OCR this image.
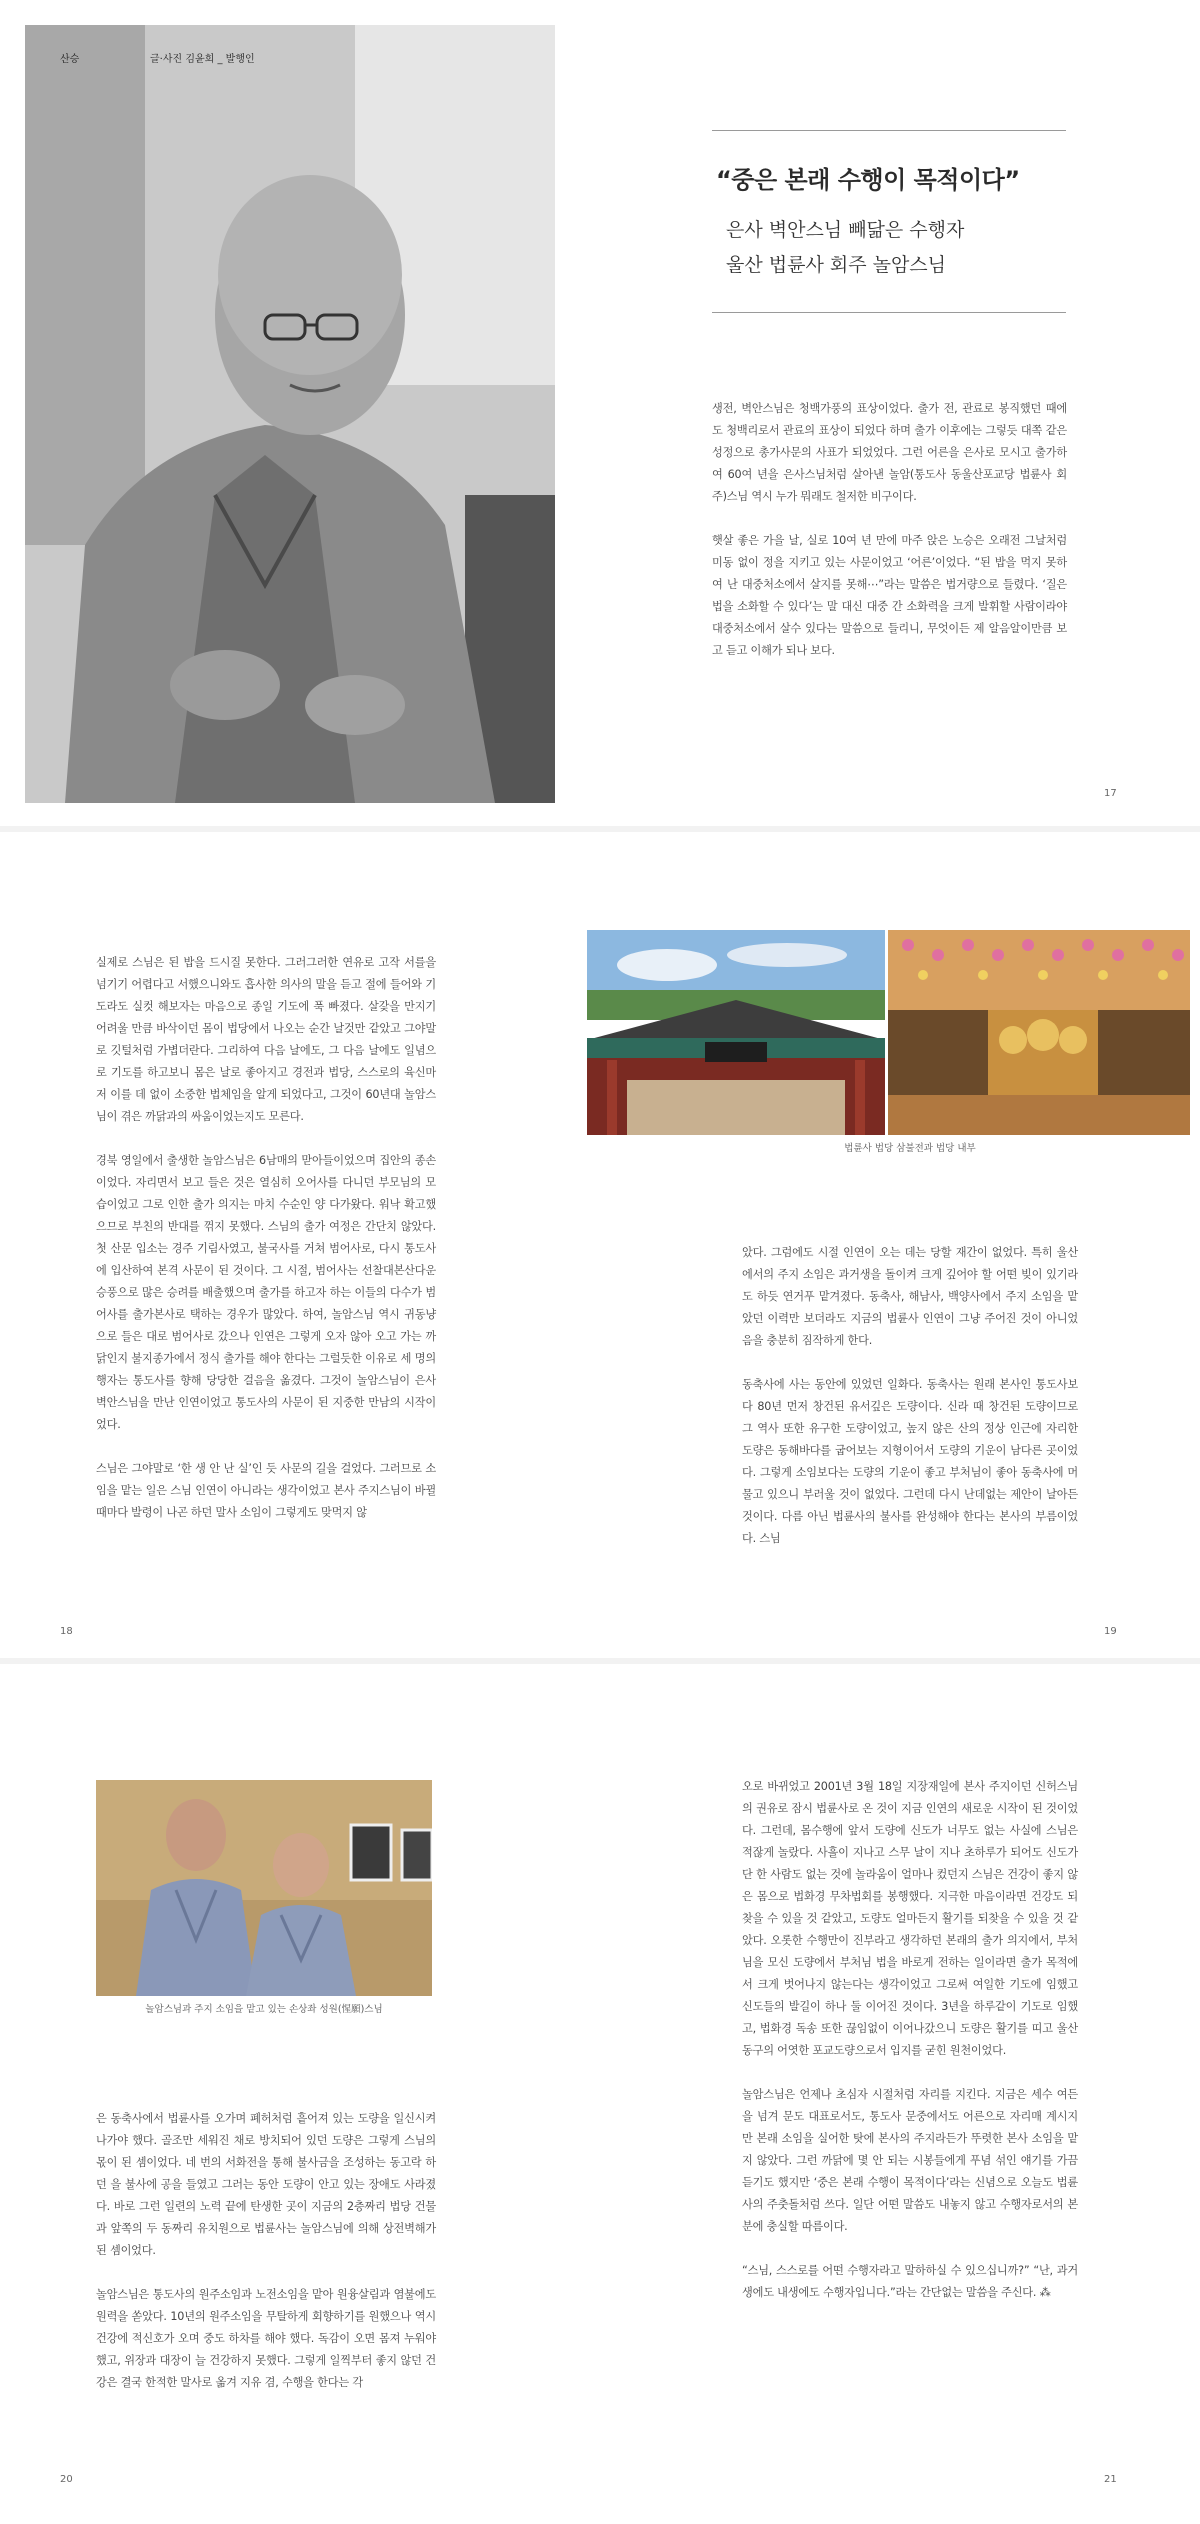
산승	글·사진 김윤희 _ 발행인
“중은 본래 수행이 목적이다”
은사 벽안스님 빼닮은 수행자
울산 법륜사 회주 놀암스님

생전, 벽안스님은 청백가풍의 표상이었다. 출가 전, 관료로 봉직했던 때에도 청백리로서 관료의 표상이 되었다 하며 출가 이후에는 그렇듯 대쪽 같은 성정으로 총가사문의 사표가 되었었다. 그런 어른을 은사로 모시고 출가하여 60여 년을 은사스님처럼 살아낸 놀암(통도사 동울산포교당 법륜사 회주)스님 역시 누가 뭐래도 철저한 비구이다.

햇살 좋은 가을 날, 실로 10여 년 만에 마주 앉은 노승은 오래전 그날처럼 미동 없이 정을 지키고 있는 사문이었고 ‘어른’이었다. “된 밥을 먹지 못하여 난 대중처소에서 살지를 못해⋯”라는 말씀은 법거량으로 들렸다. ‘질은 법을 소화할 수 있다’는 말 대신 대중 간 소화력을 크게 발휘할 사람이라야 대중처소에서 살수 있다는 말씀으로 들리니, 무엇이든 제 알음알이만큼 보고 듣고 이해가 되나 보다.

17

실제로 스님은 된 밥을 드시질 못한다. 그러그러한 연유로 고작 서를을 넘기기 어렵다고 서했으니와도 흡사한 의사의 말을 듣고 절에 들어와 기도라도 실컷 해보자는 마음으로 종일 기도에 푹 빠졌다. 살갗을 만지기 어려울 만큼 바삭이던 몸이 법당에서 나오는 순간 날것만 같았고 그야말로 깃털처럼 가볍더란다. 그리하여 다음 날에도, 그 다음 날에도 일념으로 기도를 하고보니 몸은 날로 좋아지고 경전과 법당, 스스로의 육신마저 이를 데 없이 소중한 법체임을 알게 되었다고, 그것이 60년대 놀암스님이 겪은 까닭과의 싸움이었는지도 모른다.

경북 영일에서 출생한 놀암스님은 6남매의 맏아들이었으며 집안의 종손이었다. 자리면서 보고 들은 것은 열심히 오어사를 다니던 부모님의 모습이었고 그로 인한 출가 의지는 마치 수순인 양 다가왔다. 워낙 확고했으므로 부친의 반대를 꺾지 못했다. 스님의 출가 여정은 간단치 않았다. 첫 산문 입소는 경주 기림사였고, 불국사를 거쳐 범어사로, 다시 통도사에 입산하여 본격 사문이 된 것이다. 그 시절, 범어사는 선찰대본산다운 승풍으로 많은 승려를 배출했으며 출가를 하고자 하는 이들의 다수가 범어사를 출가본사로 택하는 경우가 많았다. 하여, 놀암스님 역시 귀동냥으로 들은 대로 범어사로 갔으나 인연은 그렇게 오자 않아 오고 가는 까닭인지 불지종가에서 정식 출가를 해야 한다는 그럴듯한 이유로 세 명의 행자는 통도사를 향해 당당한 걸음을 옮겼다. 그것이 놀암스님이 은사 벽안스님을 만난 인연이었고 통도사의 사문이 된 지중한 만남의 시작이었다.

스님은 그야말로 ‘한 생 안 난 실’인 듯 사문의 길을 걸었다. 그러므로 소임을 맡는 일은 스님 인연이 아니라는 생각이었고 본사 주지스님이 바뀔 때마다 발령이 나곤 하던 말사 소임이 그렇게도 맞먹지 않

법륜사 법당 삼불전과 법당 내부

았다. 그럼에도 시절 인연이 오는 데는 당할 재간이 없었다. 특히 울산에서의 주지 소임은 과거생을 돌이켜 크게 깊어야 할 어떤 빚이 있기라도 하듯 연거푸 맡겨졌다. 동축사, 해남사, 백양사에서 주지 소임을 맡았던 이력만 보더라도 지금의 법륜사 인연이 그냥 주어진 것이 아니었음을 충분히 짐작하게 한다.

동축사에 사는 동안에 있었던 일화다. 동축사는 원래 본사인 통도사보다 80년 먼저 창건된 유서깊은 도량이다. 신라 때 창건된 도량이므로 그 역사 또한 유구한 도량이었고, 높지 않은 산의 정상 인근에 자리한 도량은 동해바다를 굽어보는 지형이어서 도량의 기운이 남다른 곳이었다. 그렇게 소임보다는 도량의 기운이 좋고 부처님이 좋아 동축사에 머물고 있으니 부러울 것이 없었다. 그런데 다시 난데없는 제안이 날아든 것이다. 다름 아닌 법륜사의 불사를 완성해야 한다는 본사의 부름이었다. 스님

18	19
놀암스님과 주지 소임을 맡고 있는 손상좌 성원(惺願)스님

은 동축사에서 법륜사를 오가며 폐허처럼 흩어져 있는 도량을 일신시켜 나가야 했다. 골조만 세워진 채로 방치되어 있던 도량은 그렇게 스님의 몫이 된 셈이었다. 네 번의 서화전을 통해 불사금을 조성하는 동고락 하던 을 불사에 공을 들였고 그러는 동안 도량이 안고 있는 장애도 사라졌다. 바로 그런 일련의 노력 끝에 탄생한 곳이 지금의 2층짜리 법당 건물과 앞쪽의 두 동짜리 유치원으로 법륜사는 놀암스님에 의해 상전벽해가 된 셈이었다.

놀암스님은 통도사의 원주소임과 노전소임을 맡아 원융살림과 염불에도 원력을 쏟았다. 10년의 원주소임을 무탈하게 회향하기를 원했으나 역시 건강에 적신호가 오며 중도 하차를 해야 했다. 독감이 오면 몸져 누워야 했고, 위장과 대장이 늘 건강하지 못했다. 그렇게 일찍부터 좋지 않던 건강은 결국 한적한 말사로 옮겨 지유 겸, 수행을 한다는 각

오로 바뀌었고 2001년 3월 18일 지장재일에 본사 주지이던 신허스님의 권유로 잠시 법륜사로 온 것이 지금 인연의 새로운 시작이 된 것이었다. 그런데, 몸수행에 앞서 도량에 신도가 너무도 없는 사실에 스님은 적잖게 놀랐다. 사흘이 지나고 스무 날이 지나 초하루가 되어도 신도가 단 한 사람도 없는 것에 놀라움이 얼마나 컸던지 스님은 건강이 좋지 않은 몸으로 법화경 무차법회를 봉행했다. 지극한 마음이라면 건강도 되찾을 수 있을 것 같았고, 도량도 얼마든지 활기를 되찾을 수 있을 것 같았다. 오롯한 수행만이 진부라고 생각하던 본래의 출가 의지에서, 부처님을 모신 도량에서 부처님 법을 바로게 전하는 일이라면 출가 목적에서 크게 벗어나지 않는다는 생각이었고 그로써 여일한 기도에 임했고 신도들의 발길이 하나 둘 이어진 것이다. 3년을 하루같이 기도로 임했고, 법화경 독송 또한 끊임없이 이어나갔으니 도량은 활기를 띠고 울산 동구의 어엿한 포교도량으로서 입지를 굳힌 원천이었다.

놀암스님은 언제나 초심자 시절처럼 자리를 지킨다. 지금은 세수 여든을 넘겨 문도 대표로서도, 통도사 문중에서도 어른으로 자리매 계시지만 본래 소임을 실어한 탓에 본사의 주지라든가 뚜렷한 본사 소임을 맡지 않았다. 그런 까닭에 몇 안 되는 시봉들에게 푸념 섞인 얘기를 가끔 듣기도 했지만 ‘중은 본래 수행이 목적이다’라는 신념으로 오늘도 법륜사의 주춧돌처럼 쓰다. 일단 어떤 말씀도 내놓지 않고 수행자로서의 본분에 충실할 따름이다.

“스님, 스스로를 어떤 수행자라고 말하하실 수 있으십니까?” “난, 과거생에도 내생에도 수행자입니다.”라는 간단없는 말씀을 주신다. ⁂

20	21
